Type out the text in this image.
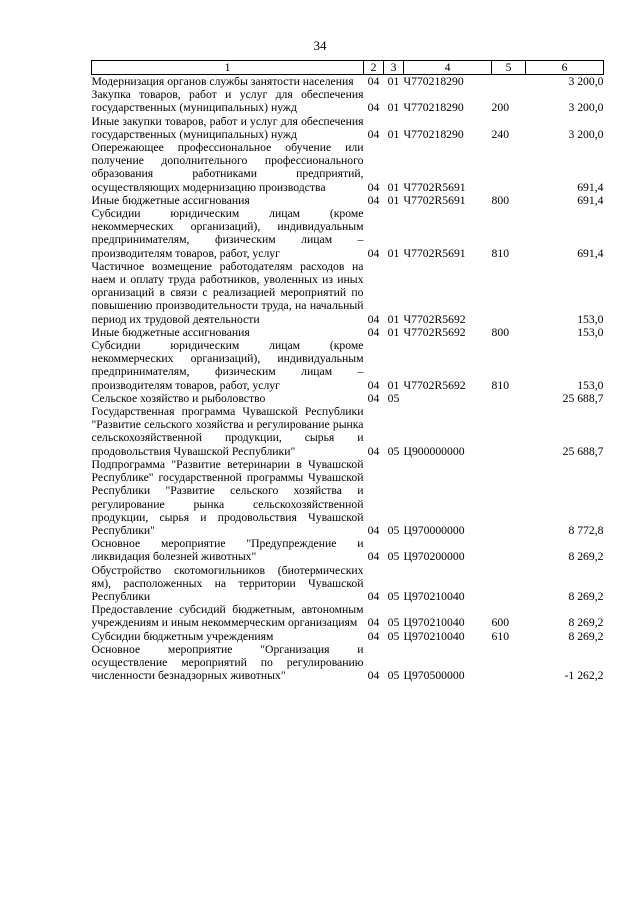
34
1	2	3	4	5	6
Модернизация органов службы занятости населения	04	01	Ч770218290		3 200,0
Закупка товаров, работ и услуг для обеспечения государственных (муниципальных) нужд	04	01	Ч770218290	200	3 200,0
Иные закупки товаров, работ и услуг для обеспечения государственных (муниципальных) нужд	04	01	Ч770218290	240	3 200,0
Опережающее профессиональное обучение или получение дополнительного профессионального образования работниками предприятий, осуществляющих модернизацию производства	04	01	Ч7702R5691		691,4
Иные бюджетные ассигнования	04	01	Ч7702R5691	800	691,4
Субсидии юридическим лицам (кроме некоммерческих организаций), индивидуальным предпринимателям, физическим лицам – производителям товаров, работ, услуг	04	01	Ч7702R5691	810	691,4
Частичное возмещение работодателям расходов на наем и оплату труда работников, уволенных из иных организаций в связи с реализацией мероприятий по повышению производительности труда, на начальный период их трудовой деятельности	04	01	Ч7702R5692		153,0
Иные бюджетные ассигнования	04	01	Ч7702R5692	800	153,0
Субсидии юридическим лицам (кроме некоммерческих организаций), индивидуальным предпринимателям, физическим лицам – производителям товаров, работ, услуг	04	01	Ч7702R5692	810	153,0
Сельское хозяйство и рыболовство	04	05			25 688,7
Государственная программа Чувашской Республики "Развитие сельского хозяйства и регулирование рынка сельскохозяйственной продукции, сырья и продовольствия Чувашской Республики"	04	05	Ц900000000		25 688,7
Подпрограмма "Развитие ветеринарии в Чувашской Республике" государственной программы Чувашской Республики "Развитие сельского хозяйства и регулирование рынка сельскохозяйственной продукции, сырья и продовольствия Чувашской Республики"	04	05	Ц970000000		8 772,8
Основное мероприятие "Предупреждение и ликвидация болезней животных"	04	05	Ц970200000		8 269,2
Обустройство скотомогильников (биотермических ям), расположенных на территории Чувашской Республики	04	05	Ц970210040		8 269,2
Предоставление субсидий бюджетным, автономным учреждениям и иным некоммерческим организациям	04	05	Ц970210040	600	8 269,2
Субсидии бюджетным учреждениям	04	05	Ц970210040	610	8 269,2
Основное мероприятие "Организация и осуществление мероприятий по регулированию численности безнадзорных животных"	04	05	Ц970500000		-1 262,2
